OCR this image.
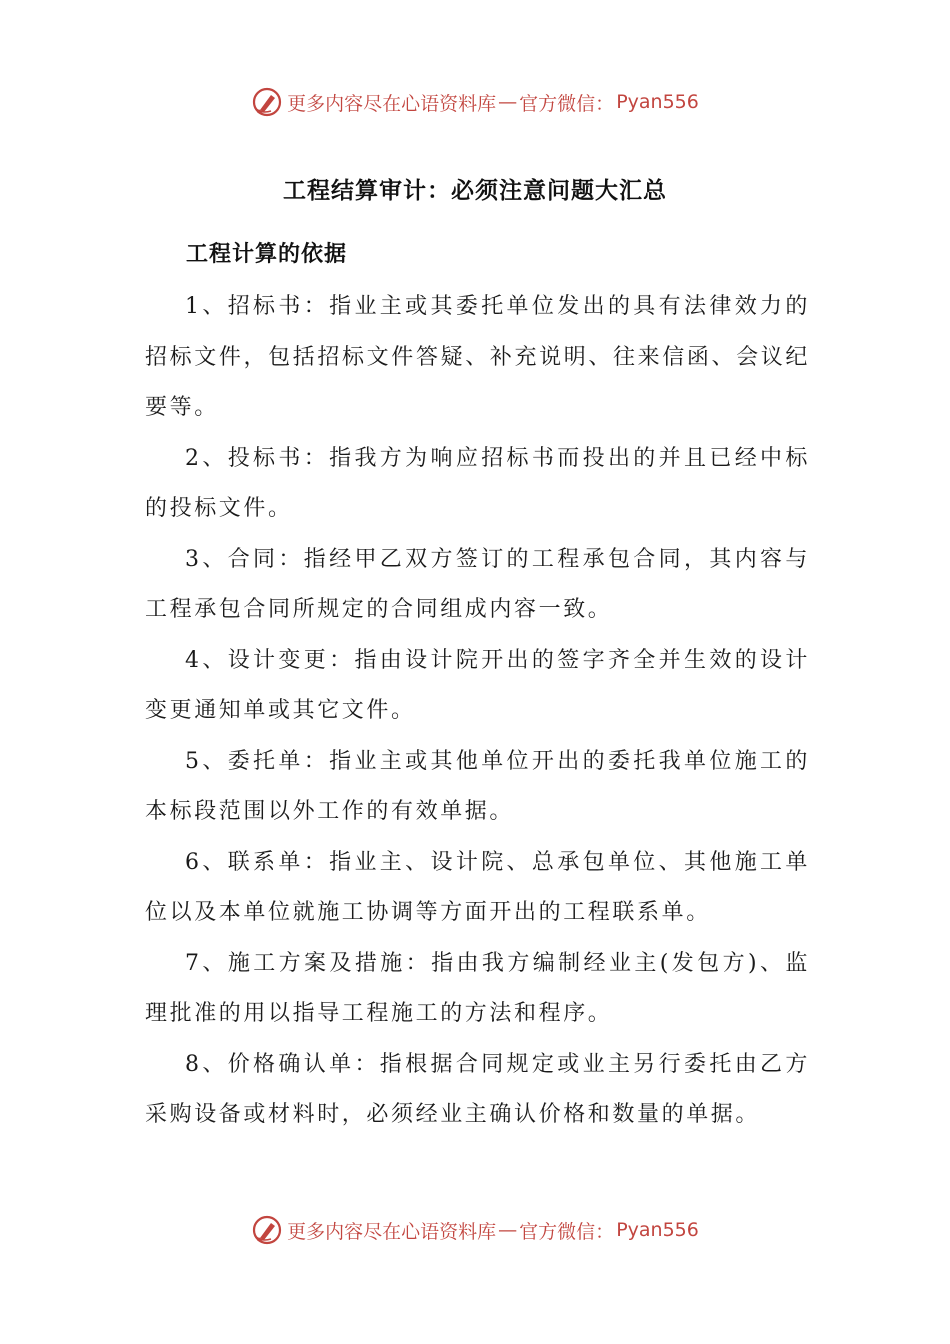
更多内容尽在心语资料库 — 官方微信： Pyan556
工程结算审计：必须注意问题大汇总
工程计算的依据

1、招标书：指业主或其委托单位发出的具有法律效力的招标文件，包括招标文件答疑、补充说明、往来信函、会议纪要等。

2、投标书：指我方为响应招标书而投出的并且已经中标的投标文件。

3、合同：指经甲乙双方签订的工程承包合同，其内容与工程承包合同所规定的合同组成内容一致。

4、设计变更：指由设计院开出的签字齐全并生效的设计变更通知单或其它文件。

5、委托单：指业主或其他单位开出的委托我单位施工的本标段范围以外工作的有效单据。

6、联系单：指业主、设计院、总承包单位、其他施工单位以及本单位就施工协调等方面开出的工程联系单。

7、施工方案及措施：指由我方编制经业主(发包方)、监理批准的用以指导工程施工的方法和程序。

8、价格确认单：指根据合同规定或业主另行委托由乙方采购设备或材料时，必须经业主确认价格和数量的单据。

更多内容尽在心语资料库 — 官方微信： Pyan556
